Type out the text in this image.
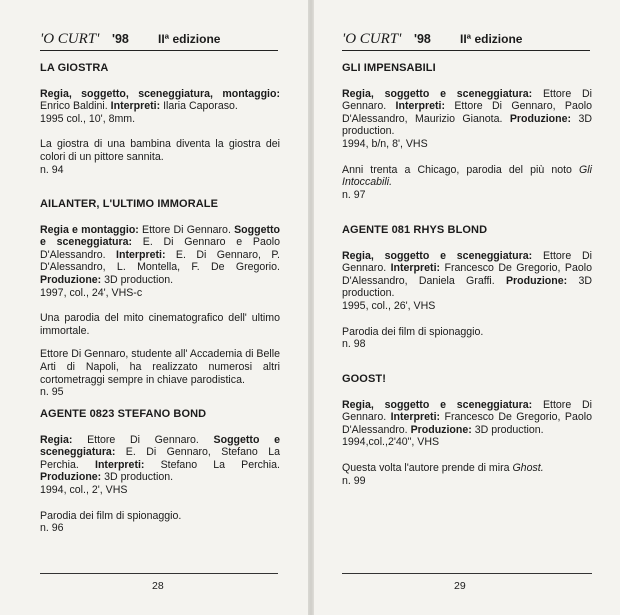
'O CURT' '98 IIª edizione
LA GIOSTRA

Regia, soggetto, sceneggiatura, montaggio: Enrico Baldini. Interpreti: Ilaria Caporaso.
1995 col., 10', 8mm.

La giostra di una bambina diventa la giostra dei colori di un pittore sannita.
n. 94

AILANTER, L'ULTIMO IMMORALE

Regia e montaggio: Ettore Di Gennaro. Soggetto e sceneggiatura: E. Di Gennaro e Paolo D'Alessandro. Interpreti: E. Di Gennaro, P. D'Alessandro, L. Montella, F. De Gregorio. Produzione: 3D production.
1997, col., 24', VHS-c

Una parodia del mito cinematografico dell' ultimo immortale.

Ettore Di Gennaro, studente all' Accademia di Belle Arti di Napoli, ha realizzato numerosi altri cortometraggi sempre in chiave parodistica.
n. 95

AGENTE 0823 STEFANO BOND

Regia: Ettore Di Gennaro. Soggetto e sceneggiatura: E. Di Gennaro, Stefano La Perchia. Interpreti: Stefano La Perchia. Produzione: 3D production.
1994, col., 2', VHS

Parodia dei film di spionaggio.
n. 96

28
'O CURT' '98 IIª edizione
GLI IMPENSABILI

Regia, soggetto e sceneggiatura: Ettore Di Gennaro. Interpreti: Ettore Di Gennaro, Paolo D'Alessandro, Maurizio Gianota. Produzione: 3D production.
1994, b/n, 8', VHS

Anni trenta a Chicago, parodia del più noto Gli Intoccabili.
n. 97

AGENTE 081 RHYS BLOND

Regia, soggetto e sceneggiatura: Ettore Di Gennaro. Interpreti: Francesco De Gregorio, Paolo D'Alessandro, Daniela Graffi. Produzione: 3D production.
1995, col., 26', VHS

Parodia dei film di spionaggio.
n. 98

GOOST!

Regia, soggetto e sceneggiatura: Ettore Di Gennaro. Interpreti: Francesco De Gregorio, Paolo D'Alessandro. Produzione: 3D production.
1994,col.,2'40", VHS

Questa volta l'autore prende di mira Ghost.
n. 99

29
